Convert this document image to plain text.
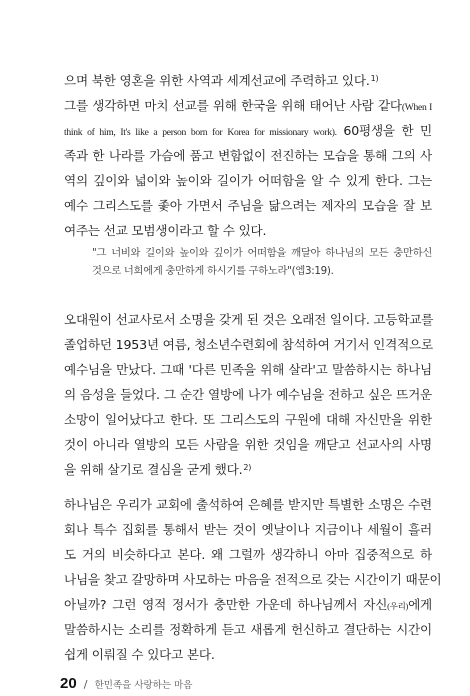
으며 북한 영혼을 위한 사역과 세계선교에 주력하고 있다.$^{1)}$
그를 생각하면 마치 선교를 위해 한국을 위해 태어난 사람 같다(When I
think of him, It's like a person born for Korea for missionary work). 60평생을 한 민
족과 한 나라를 가슴에 품고 변함없이 전진하는 모습을 통해 그의 사
역의 깊이와 넓이와 높이와 길이가 어떠함을 알 수 있게 한다. 그는
예수 그리스도를 좇아 가면서 주님을 닮으려는 제자의 모습을 잘 보
여주는 선교 모범생이라고 할 수 있다.
"그 너비와 길이와 높이와 깊이가 어떠함을 깨달아 하나님의 모든 충만하신
것으로 너희에게 충만하게 하시기를 구하노라"(엡3:19).
오대원이 선교사로서 소명을 갖게 된 것은 오래전 일이다. 고등학교를
졸업하던 1953년 여름, 청소년수련회에 참석하여 거기서 인격적으로
예수님을 만났다. 그때 '다른 민족을 위해 살라'고 말씀하시는 하나님
의 음성을 들었다. 그 순간 열방에 나가 예수님을 전하고 싶은 뜨거운
소망이 일어났다고 한다. 또 그리스도의 구원에 대해 자신만을 위한
것이 아니라 열방의 모든 사람을 위한 것임을 깨닫고 선교사의 사명
을 위해 살기로 결심을 굳게 했다.$^{2)}$
하나님은 우리가 교회에 출석하여 은혜를 받지만 특별한 소명은 수련
회나 특수 집회를 통해서 받는 것이 옛날이나 지금이나 세월이 흘러
도 거의 비슷하다고 본다. 왜 그럴까 생각하니 아마 집중적으로 하
나님을 찾고 갈망하며 사모하는 마음을 전적으로 갖는 시간이기 때문이
아닐까? 그런 영적 정서가 충만한 가운데 하나님께서 자신(우리)에게
말씀하시는 소리를 정확하게 듣고 새롭게 헌신하고 결단하는 시간이
쉽게 이뤄질 수 있다고 본다.
20 / 한민족을 사랑하는 마음
